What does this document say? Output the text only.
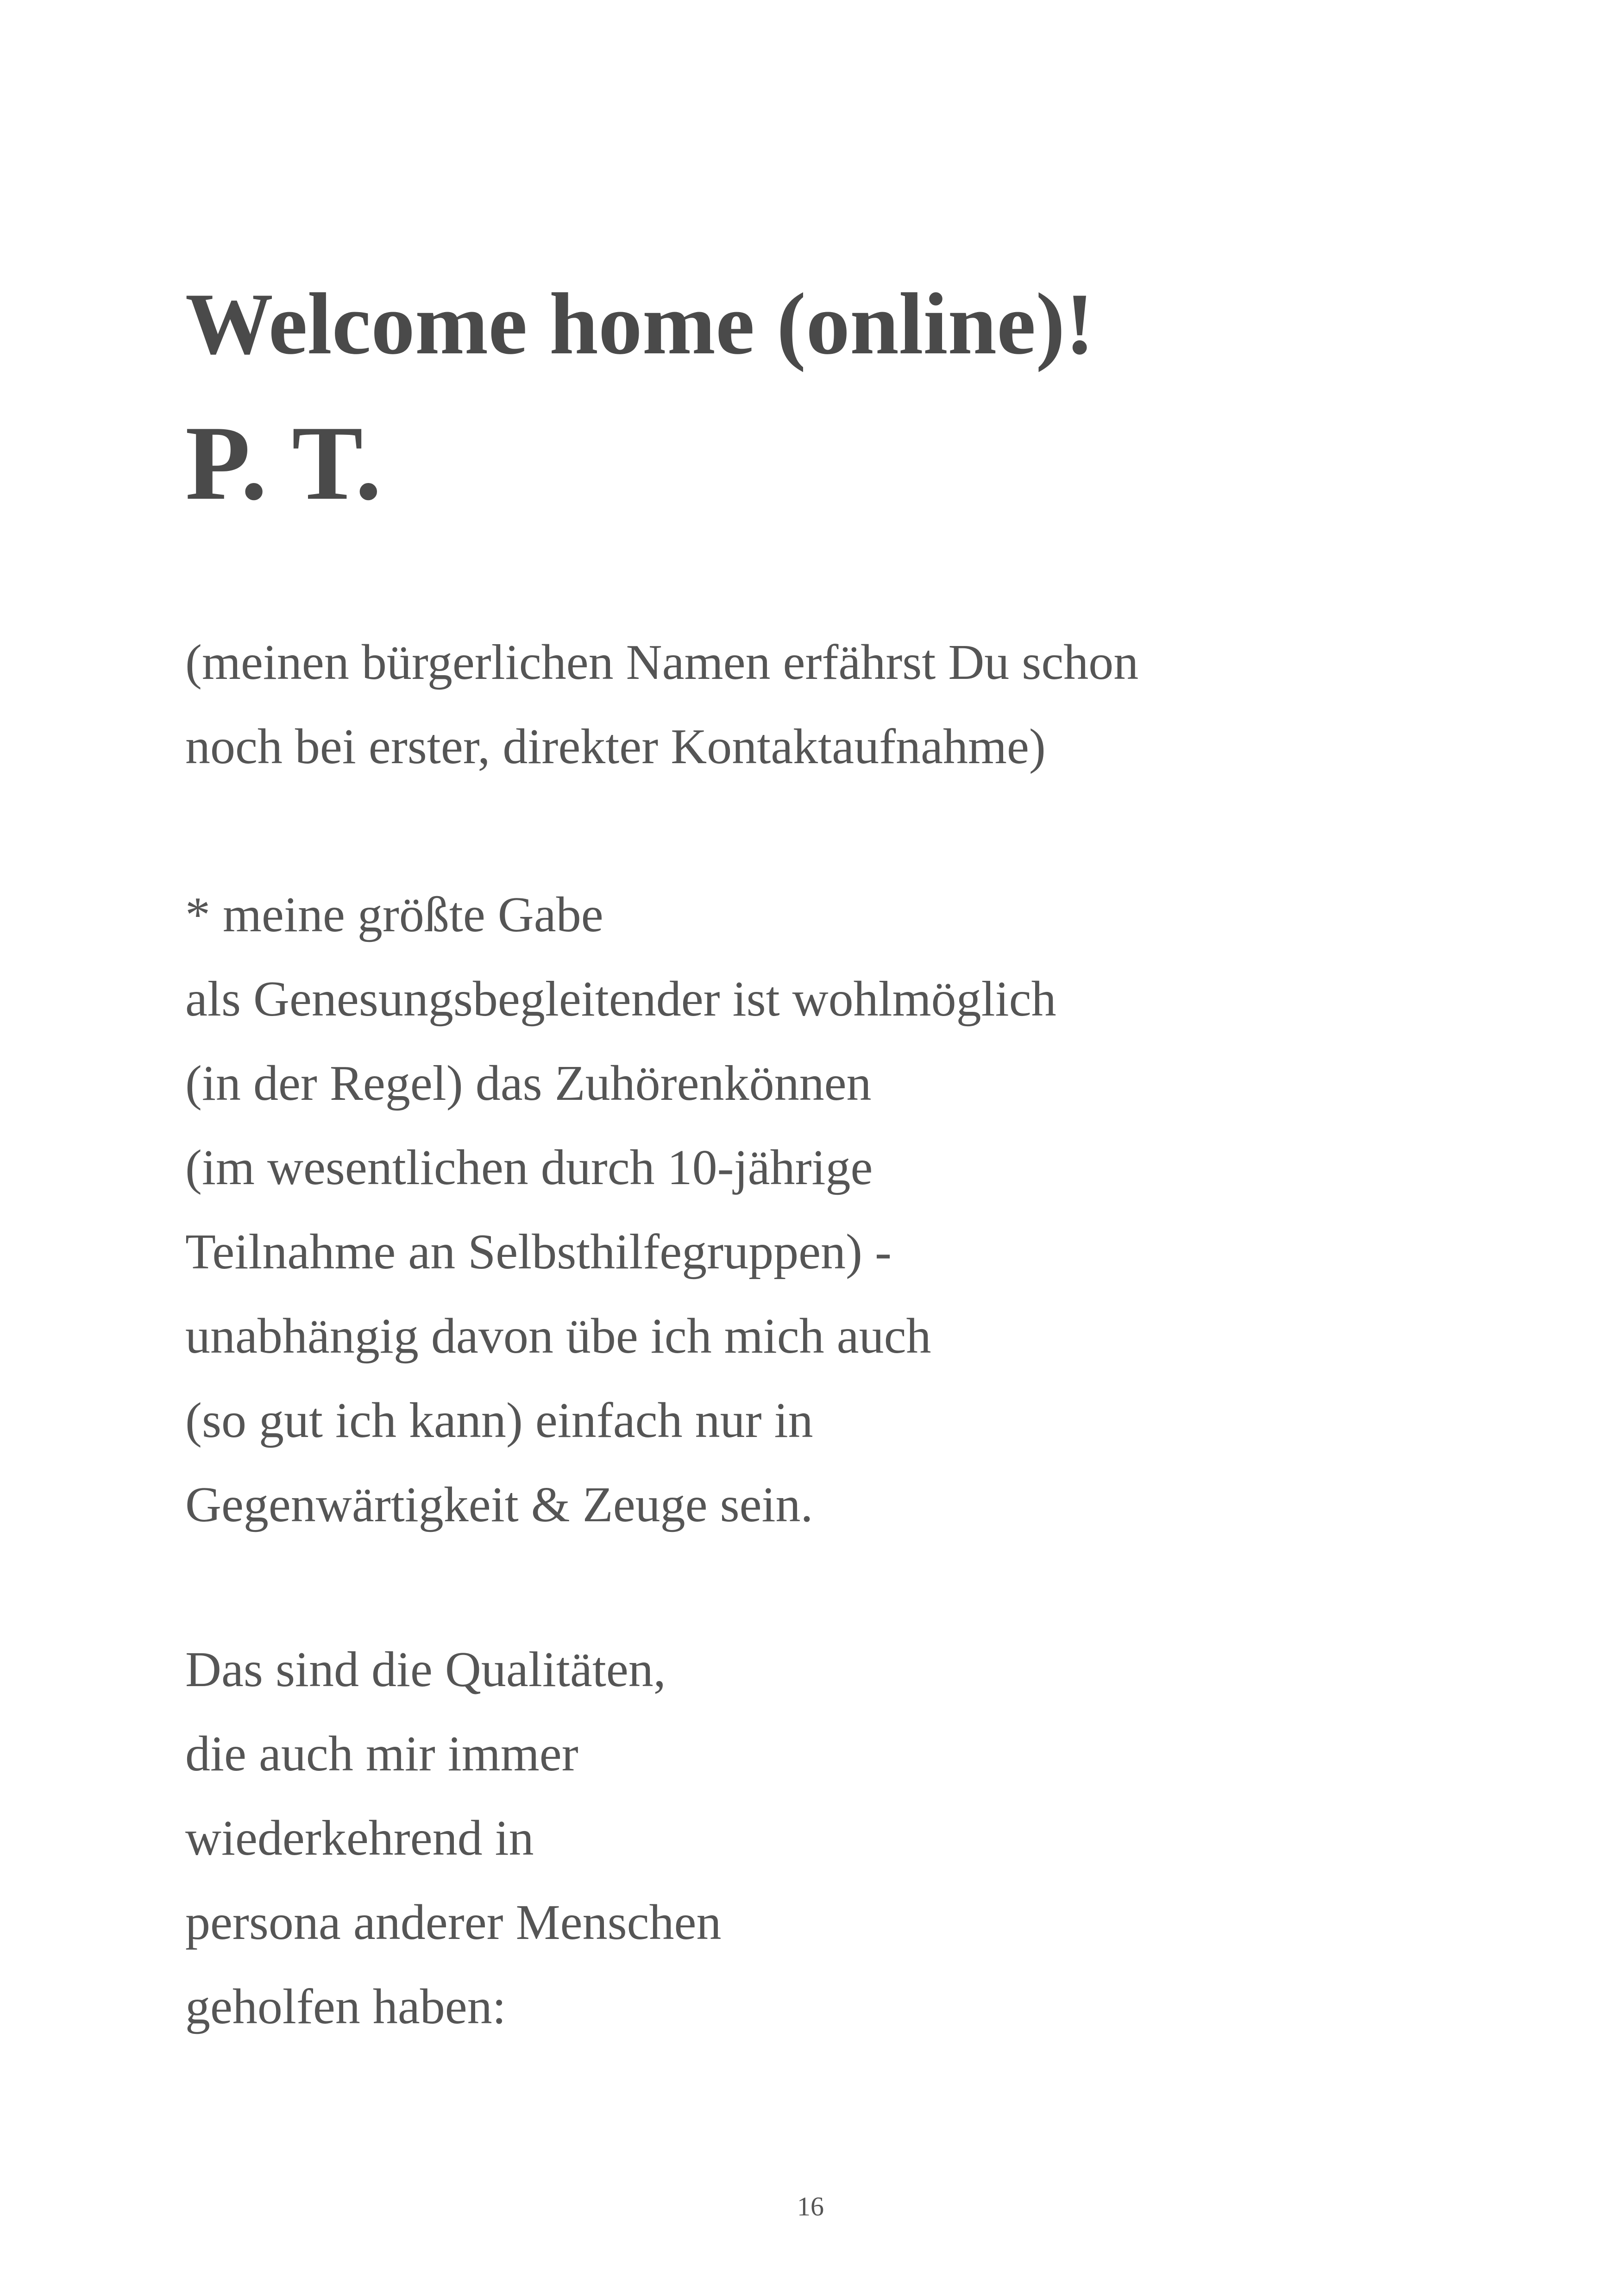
Welcome home (online)!
P. T.

(meinen bürgerlichen Namen erfährst Du schon
noch bei erster, direkter Kontaktaufnahme)

* meine größte Gabe
als Genesungsbegleitender ist wohlmöglich
(in der Regel) das Zuhörenkönnen
(im wesentlichen durch 10-jährige
Teilnahme an Selbsthilfegruppen) -
unabhängig davon übe ich mich auch
(so gut ich kann) einfach nur in
Gegenwärtigkeit & Zeuge sein.

Das sind die Qualitäten,
die auch mir immer
wiederkehrend in
persona anderer Menschen
geholfen haben:

16
